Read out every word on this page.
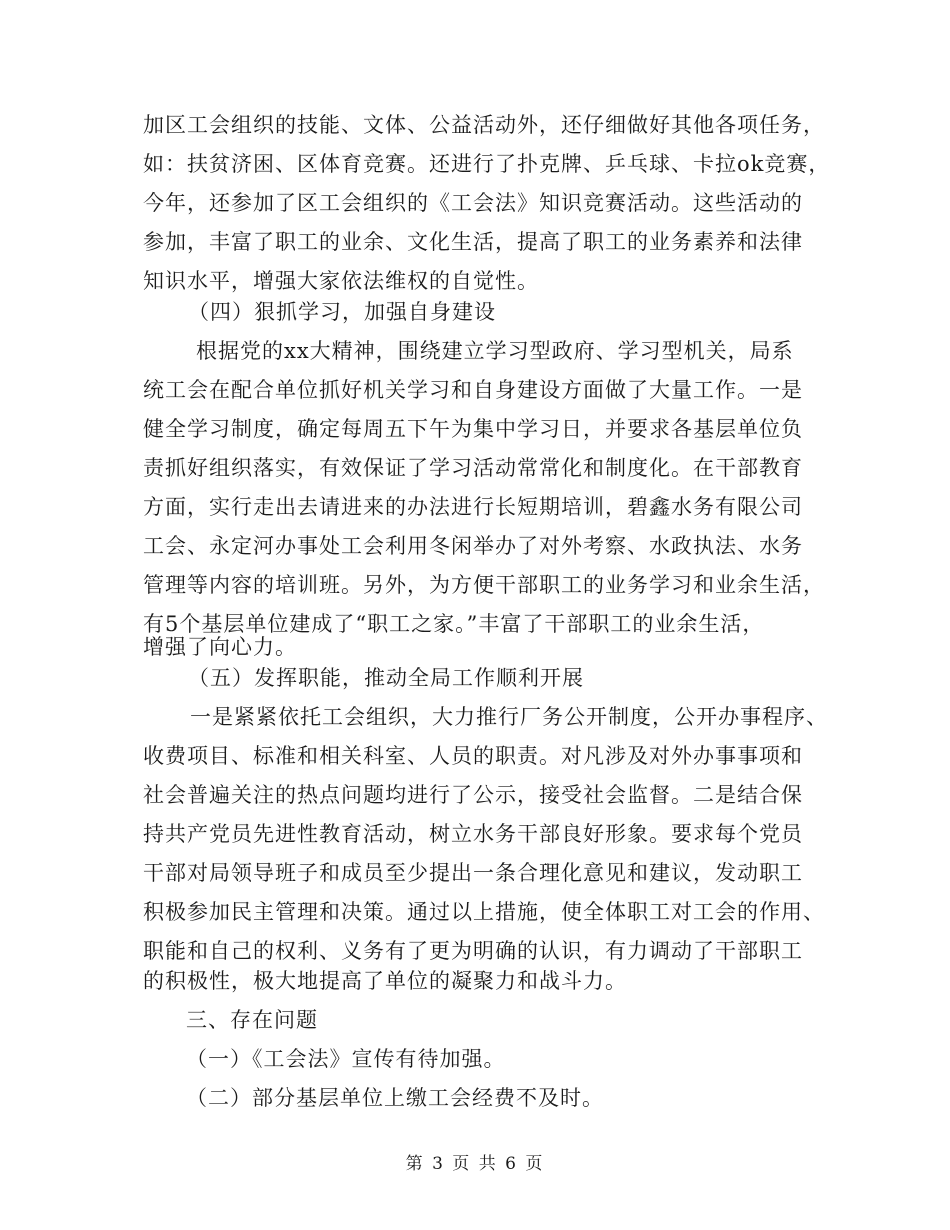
加区工会组织的技能、文体、公益活动外，还仔细做好其他各项任务，
如：扶贫济困、区体育竞赛。还进行了扑克牌、乒乓球、卡拉ok竞赛，
今年，还参加了区工会组织的《工会法》知识竞赛活动。这些活动的
参加，丰富了职工的业余、文化生活，提高了职工的业务素养和法律
知识水平，增强大家依法维权的自觉性。
（四）狠抓学习，加强自身建设
根据党的xx大精神，围绕建立学习型政府、学习型机关，局系
统工会在配合单位抓好机关学习和自身建设方面做了大量工作。一是
健全学习制度，确定每周五下午为集中学习日，并要求各基层单位负
责抓好组织落实，有效保证了学习活动常常化和制度化。在干部教育
方面，实行走出去请进来的办法进行长短期培训，碧鑫水务有限公司
工会、永定河办事处工会利用冬闲举办了对外考察、水政执法、水务
管理等内容的培训班。另外，为方便干部职工的业务学习和业余生活，
有5个基层单位建成了“职工之家。”丰富了干部职工的业余生活，
增强了向心力。
（五）发挥职能，推动全局工作顺利开展
一是紧紧依托工会组织，大力推行厂务公开制度，公开办事程序、
收费项目、标准和相关科室、人员的职责。对凡涉及对外办事事项和
社会普遍关注的热点问题均进行了公示，接受社会监督。二是结合保
持共产党员先进性教育活动，树立水务干部良好形象。要求每个党员
干部对局领导班子和成员至少提出一条合理化意见和建议，发动职工
积极参加民主管理和决策。通过以上措施，使全体职工对工会的作用、
职能和自己的权利、义务有了更为明确的认识，有力调动了干部职工
的积极性，极大地提高了单位的凝聚力和战斗力。
三、存在问题
（一）《工会法》宣传有待加强。
（二）部分基层单位上缴工会经费不及时。
第 3 页 共 6 页
